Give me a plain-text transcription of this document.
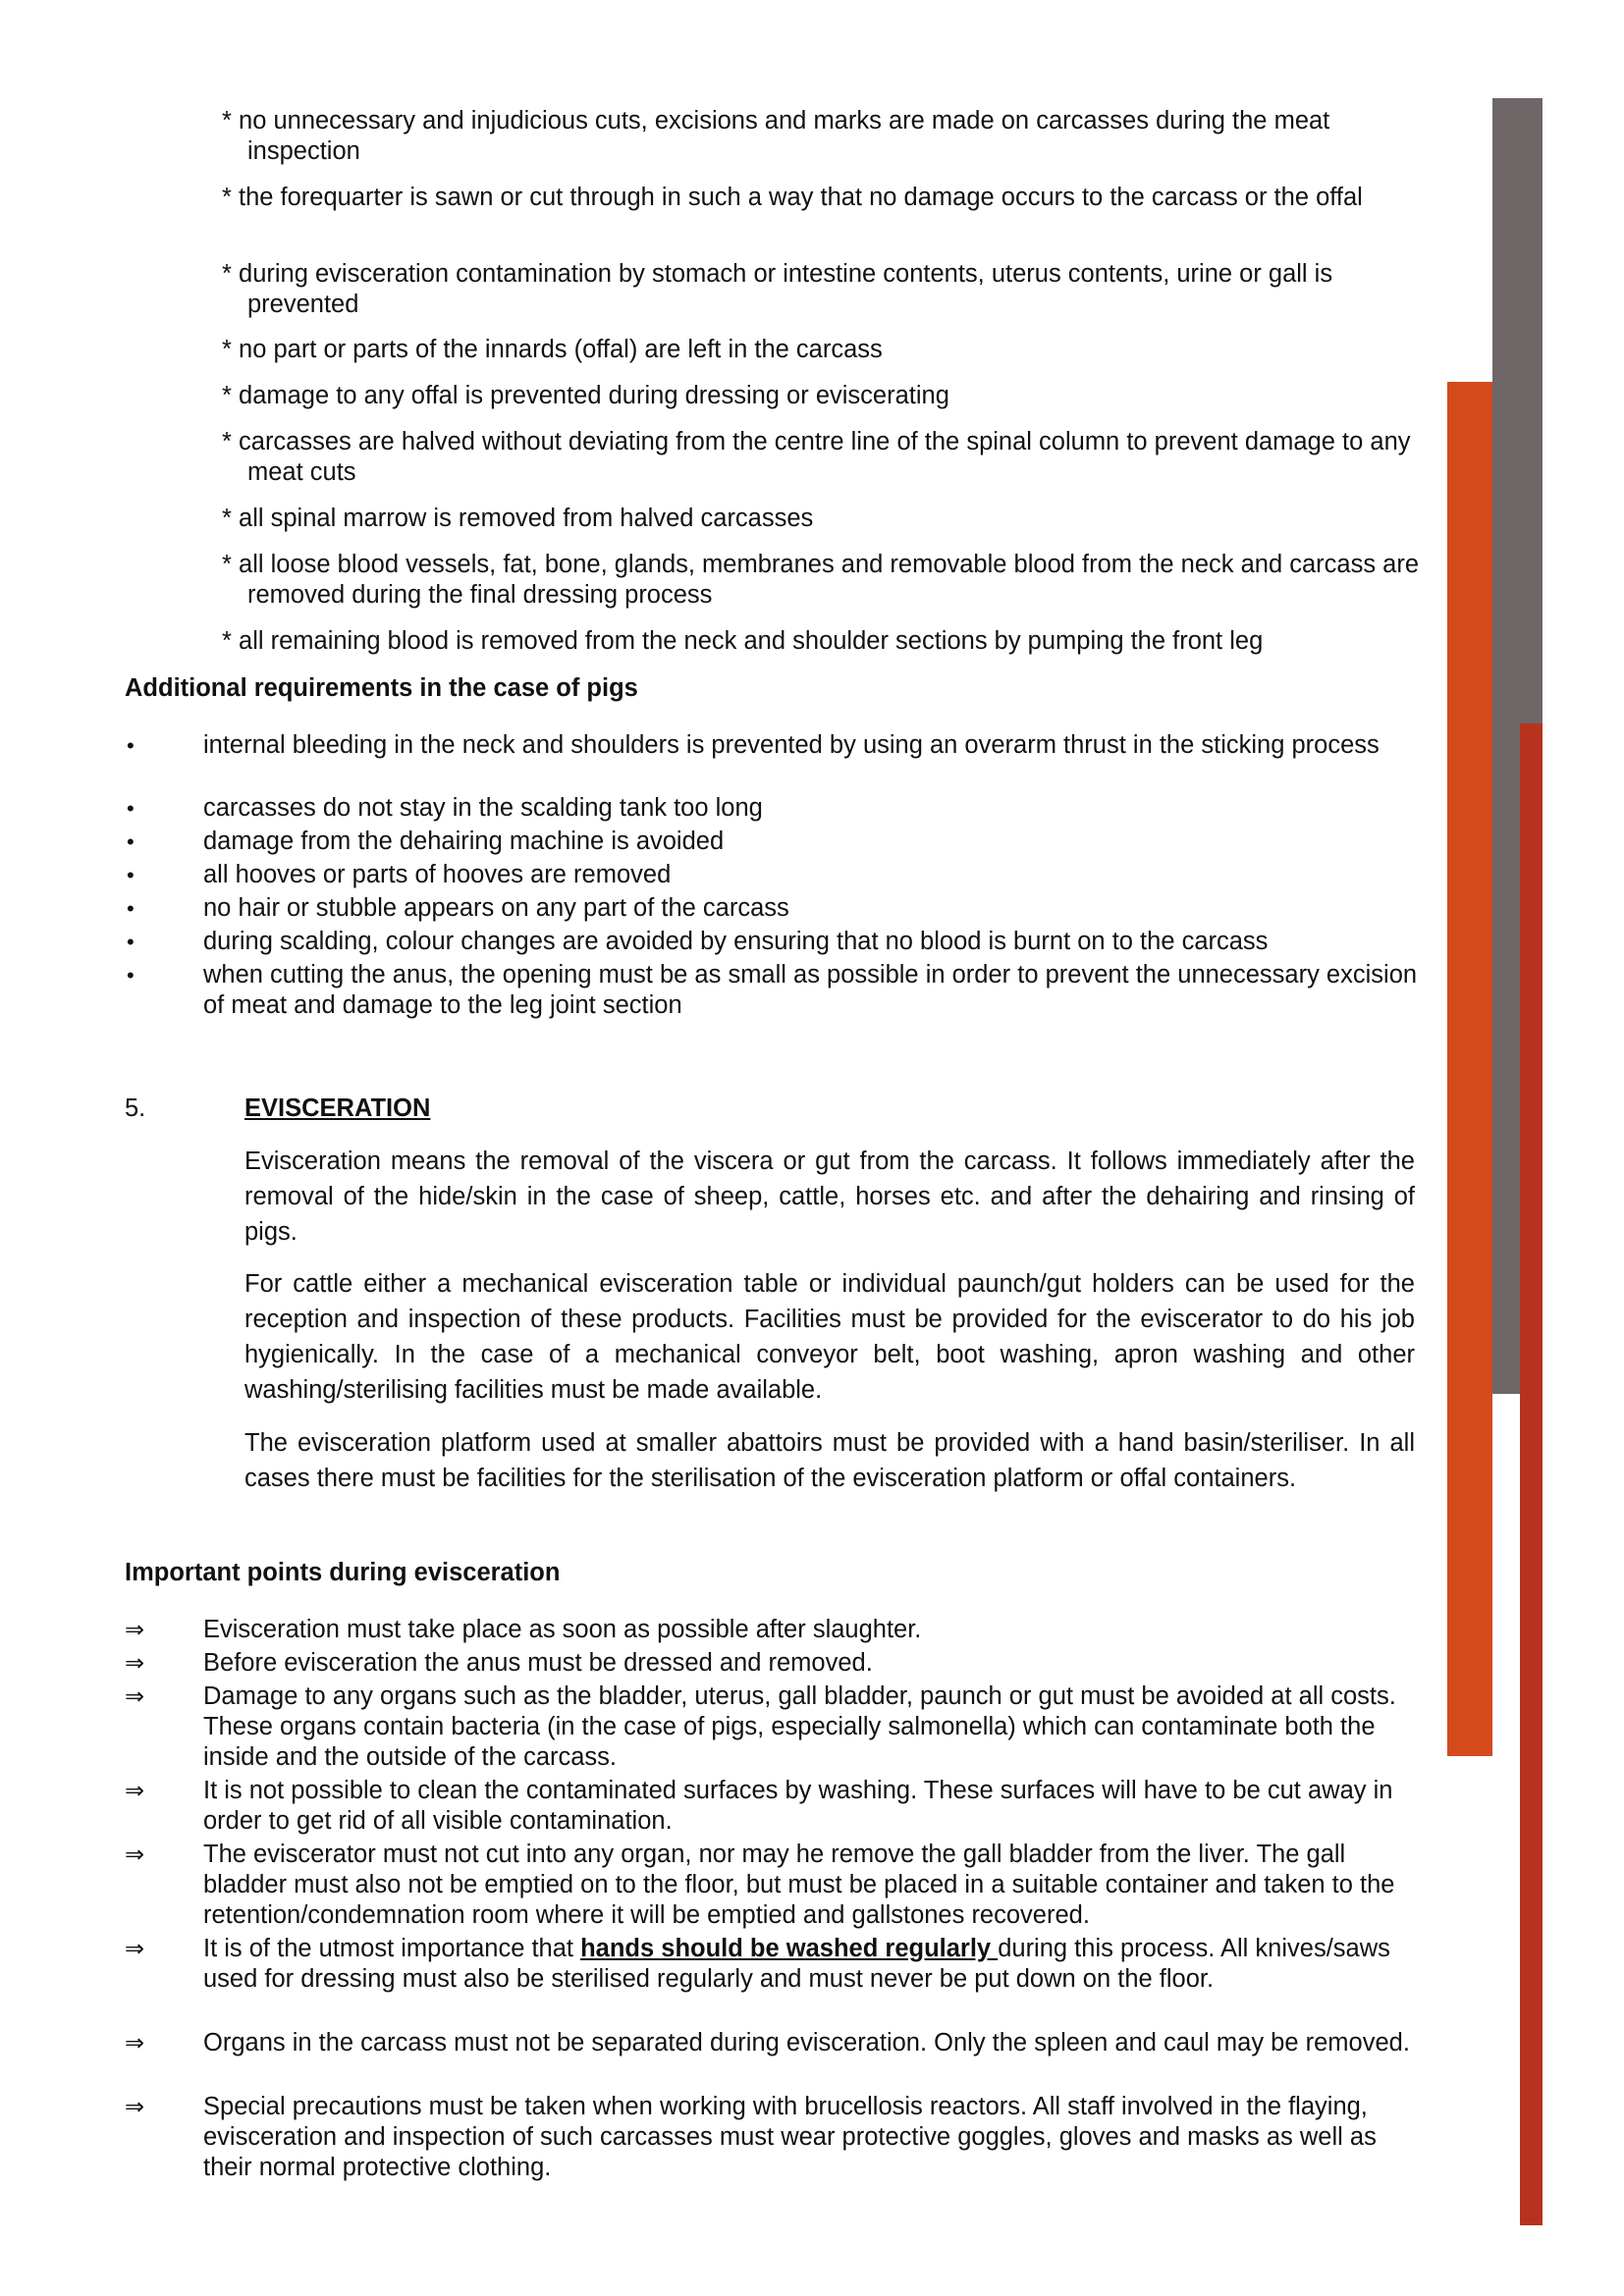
* no unnecessary and injudicious cuts, excisions and marks are made on carcasses during the meat inspection
* the forequarter is sawn or cut through in such a way that no damage occurs to the carcass or the offal
* during evisceration contamination by stomach or intestine contents, uterus contents, urine or gall is prevented
* no part or parts of the innards (offal) are left in the carcass
* damage to any offal is prevented during dressing or eviscerating
* carcasses are halved without deviating from the centre line of the spinal column to prevent damage to any meat cuts
* all spinal marrow is removed from halved carcasses
* all loose blood vessels, fat, bone, glands, membranes and removable blood from the neck and carcass are removed during the final dressing process
* all remaining blood is removed from the neck and shoulder sections by pumping the front leg
Additional requirements in the case of pigs
•	internal bleeding in the neck and shoulders is prevented by using an overarm thrust in the sticking process
•	carcasses do not stay in the scalding tank too long
•	damage from the dehairing machine is avoided
•	all hooves or parts of hooves are removed
•	no hair or stubble appears on any part of the carcass
•	during scalding, colour changes are avoided by ensuring that no blood is burnt on to the carcass
•	when cutting the anus, the opening must be as small as possible in order to prevent the unnecessary excision of meat and damage to the leg joint section
5.	EVISCERATION
Evisceration means the removal of the viscera or gut from the carcass. It follows immediately after the removal of the hide/skin in the case of sheep, cattle, horses etc. and after the dehairing and rinsing of pigs.
For cattle either a mechanical evisceration table or individual paunch/gut holders can be used for the reception and inspection of these products. Facilities must be provided for the eviscerator to do his job hygienically. In the case of a mechanical conveyor belt, boot washing, apron washing and other washing/sterilising facilities must be made available.
The evisceration platform used at smaller abattoirs must be provided with a hand basin/steriliser. In all cases there must be facilities for the sterilisation of the evisceration platform or offal containers.
Important points during evisceration
⇒ Evisceration must take place as soon as possible after slaughter.
⇒ Before evisceration the anus must be dressed and removed.
⇒ Damage to any organs such as the bladder, uterus, gall bladder, paunch or gut must be avoided at all costs. These organs contain bacteria (in the case of pigs, especially salmonella) which can contaminate both the inside and the outside of the carcass.
⇒ It is not possible to clean the contaminated surfaces by washing. These surfaces will have to be cut away in order to get rid of all visible contamination.
⇒ The eviscerator must not cut into any organ, nor may he remove the gall bladder from the liver. The gall bladder must also not be emptied on to the floor, but must be placed in a suitable container and taken to the retention/condemnation room where it will be emptied and gallstones recovered.
⇒ It is of the utmost importance that hands should be washed regularly during this process. All knives/saws used for dressing must also be sterilised regularly and must never be put down on the floor.
⇒ Organs in the carcass must not be separated during evisceration. Only the spleen and caul may be removed.
⇒ Special precautions must be taken when working with brucellosis reactors. All staff involved in the flaying, evisceration and inspection of such carcasses must wear protective goggles, gloves and masks as well as their normal protective clothing.
